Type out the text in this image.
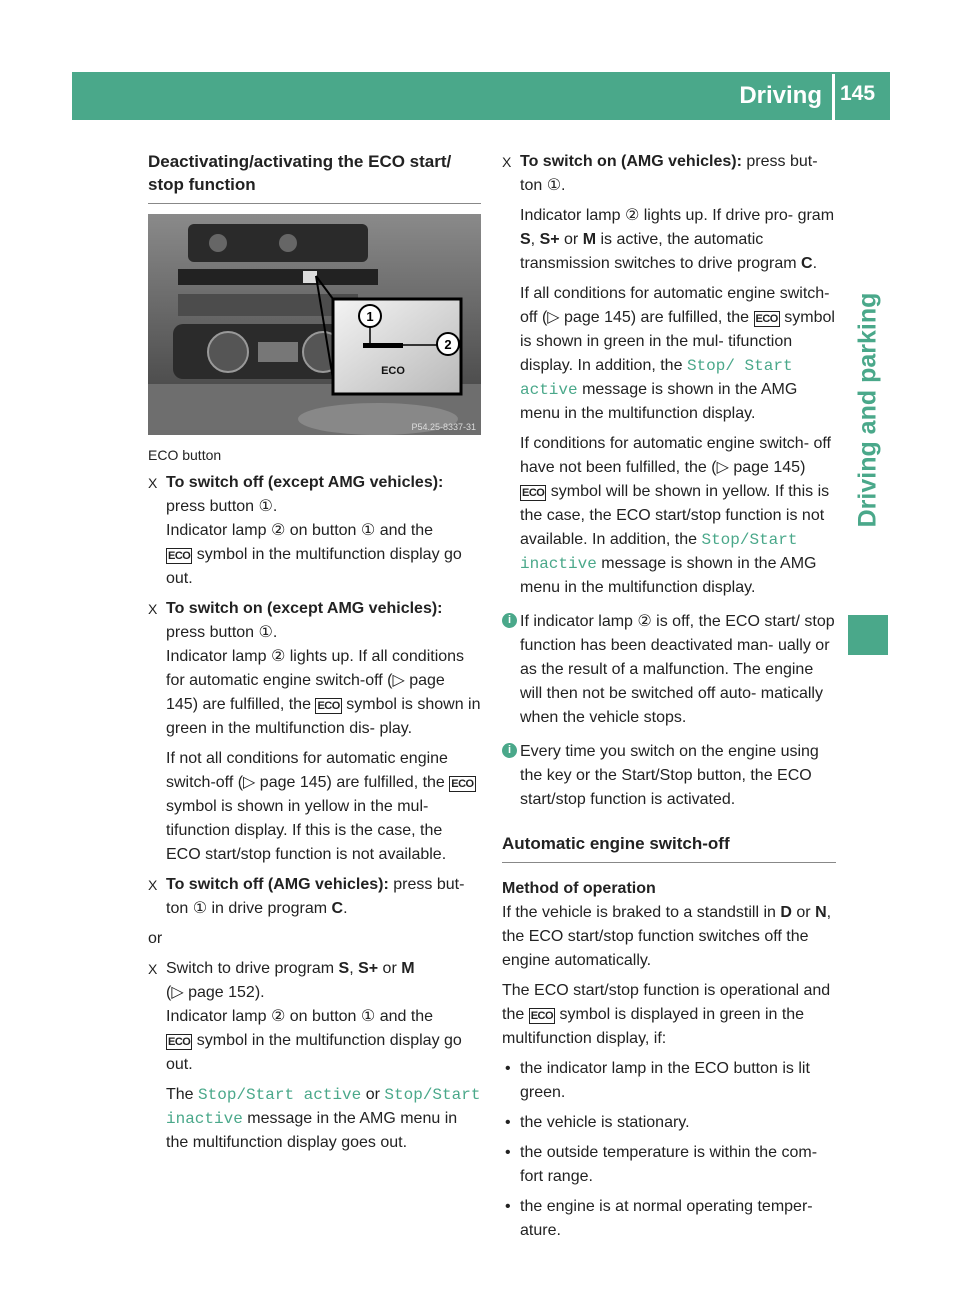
Driving 145
Driving and parking
Deactivating/activating the ECO start/ stop function
ECO
1
2
P54.25-8337-31
ECO button
X To switch off (except AMG vehicles):
press button ①.
Indicator lamp ② on button ① and the
ECO symbol in the multifunction display go out.

X To switch on (except AMG vehicles):
press button ①.
Indicator lamp ② lights up. If all conditions for automatic engine switch-off (▷ page 145) are fulfilled, the ECO symbol is shown in green in the multifunction dis- play.

If not all conditions for automatic engine switch-off (▷ page 145) are fulfilled, the ECO symbol is shown in yellow in the mul- tifunction display. If this is the case, the ECO start/stop function is not available.

X To switch off (AMG vehicles): press but- ton ① in drive program C.

or
X Switch to drive program S, S+ or M
(▷ page 152).
Indicator lamp ② on button ① and the
ECO symbol in the multifunction display go out.

The Stop/Start active or Stop/Start inactive message in the AMG menu in the multifunction display goes out.

X To switch on (AMG vehicles): press but- ton ①.

Indicator lamp ② lights up. If drive pro- gram S, S+ or M is active, the automatic transmission switches to drive program C.

If all conditions for automatic engine switch-off (▷ page 145) are fulfilled, the ECO symbol is shown in green in the mul- tifunction display. In addition, the Stop/ Start active message is shown in the AMG menu in the multifunction display.

If conditions for automatic engine switch- off have not been fulfilled, the (▷ page 145) ECO symbol will be shown in yellow. If this is the case, the ECO start/stop function is not available. In addition, the Stop/Start inactive message is shown in the AMG menu in the multifunction display.

i If indicator lamp ② is off, the ECO start/ stop function has been deactivated man- ually or as the result of a malfunction. The engine will then not be switched off auto- matically when the vehicle stops.

i Every time you switch on the engine using the key or the Start/Stop button, the ECO start/stop function is activated.

Automatic engine switch-off
Method of operation

If the vehicle is braked to a standstill in D or N, the ECO start/stop function switches off the engine automatically.

The ECO start/stop function is operational and the ECO symbol is displayed in green in the multifunction display, if:

• the indicator lamp in the ECO button is lit green.
• the vehicle is stationary.
• the outside temperature is within the com- fort range.
• the engine is at normal operating temper- ature.
